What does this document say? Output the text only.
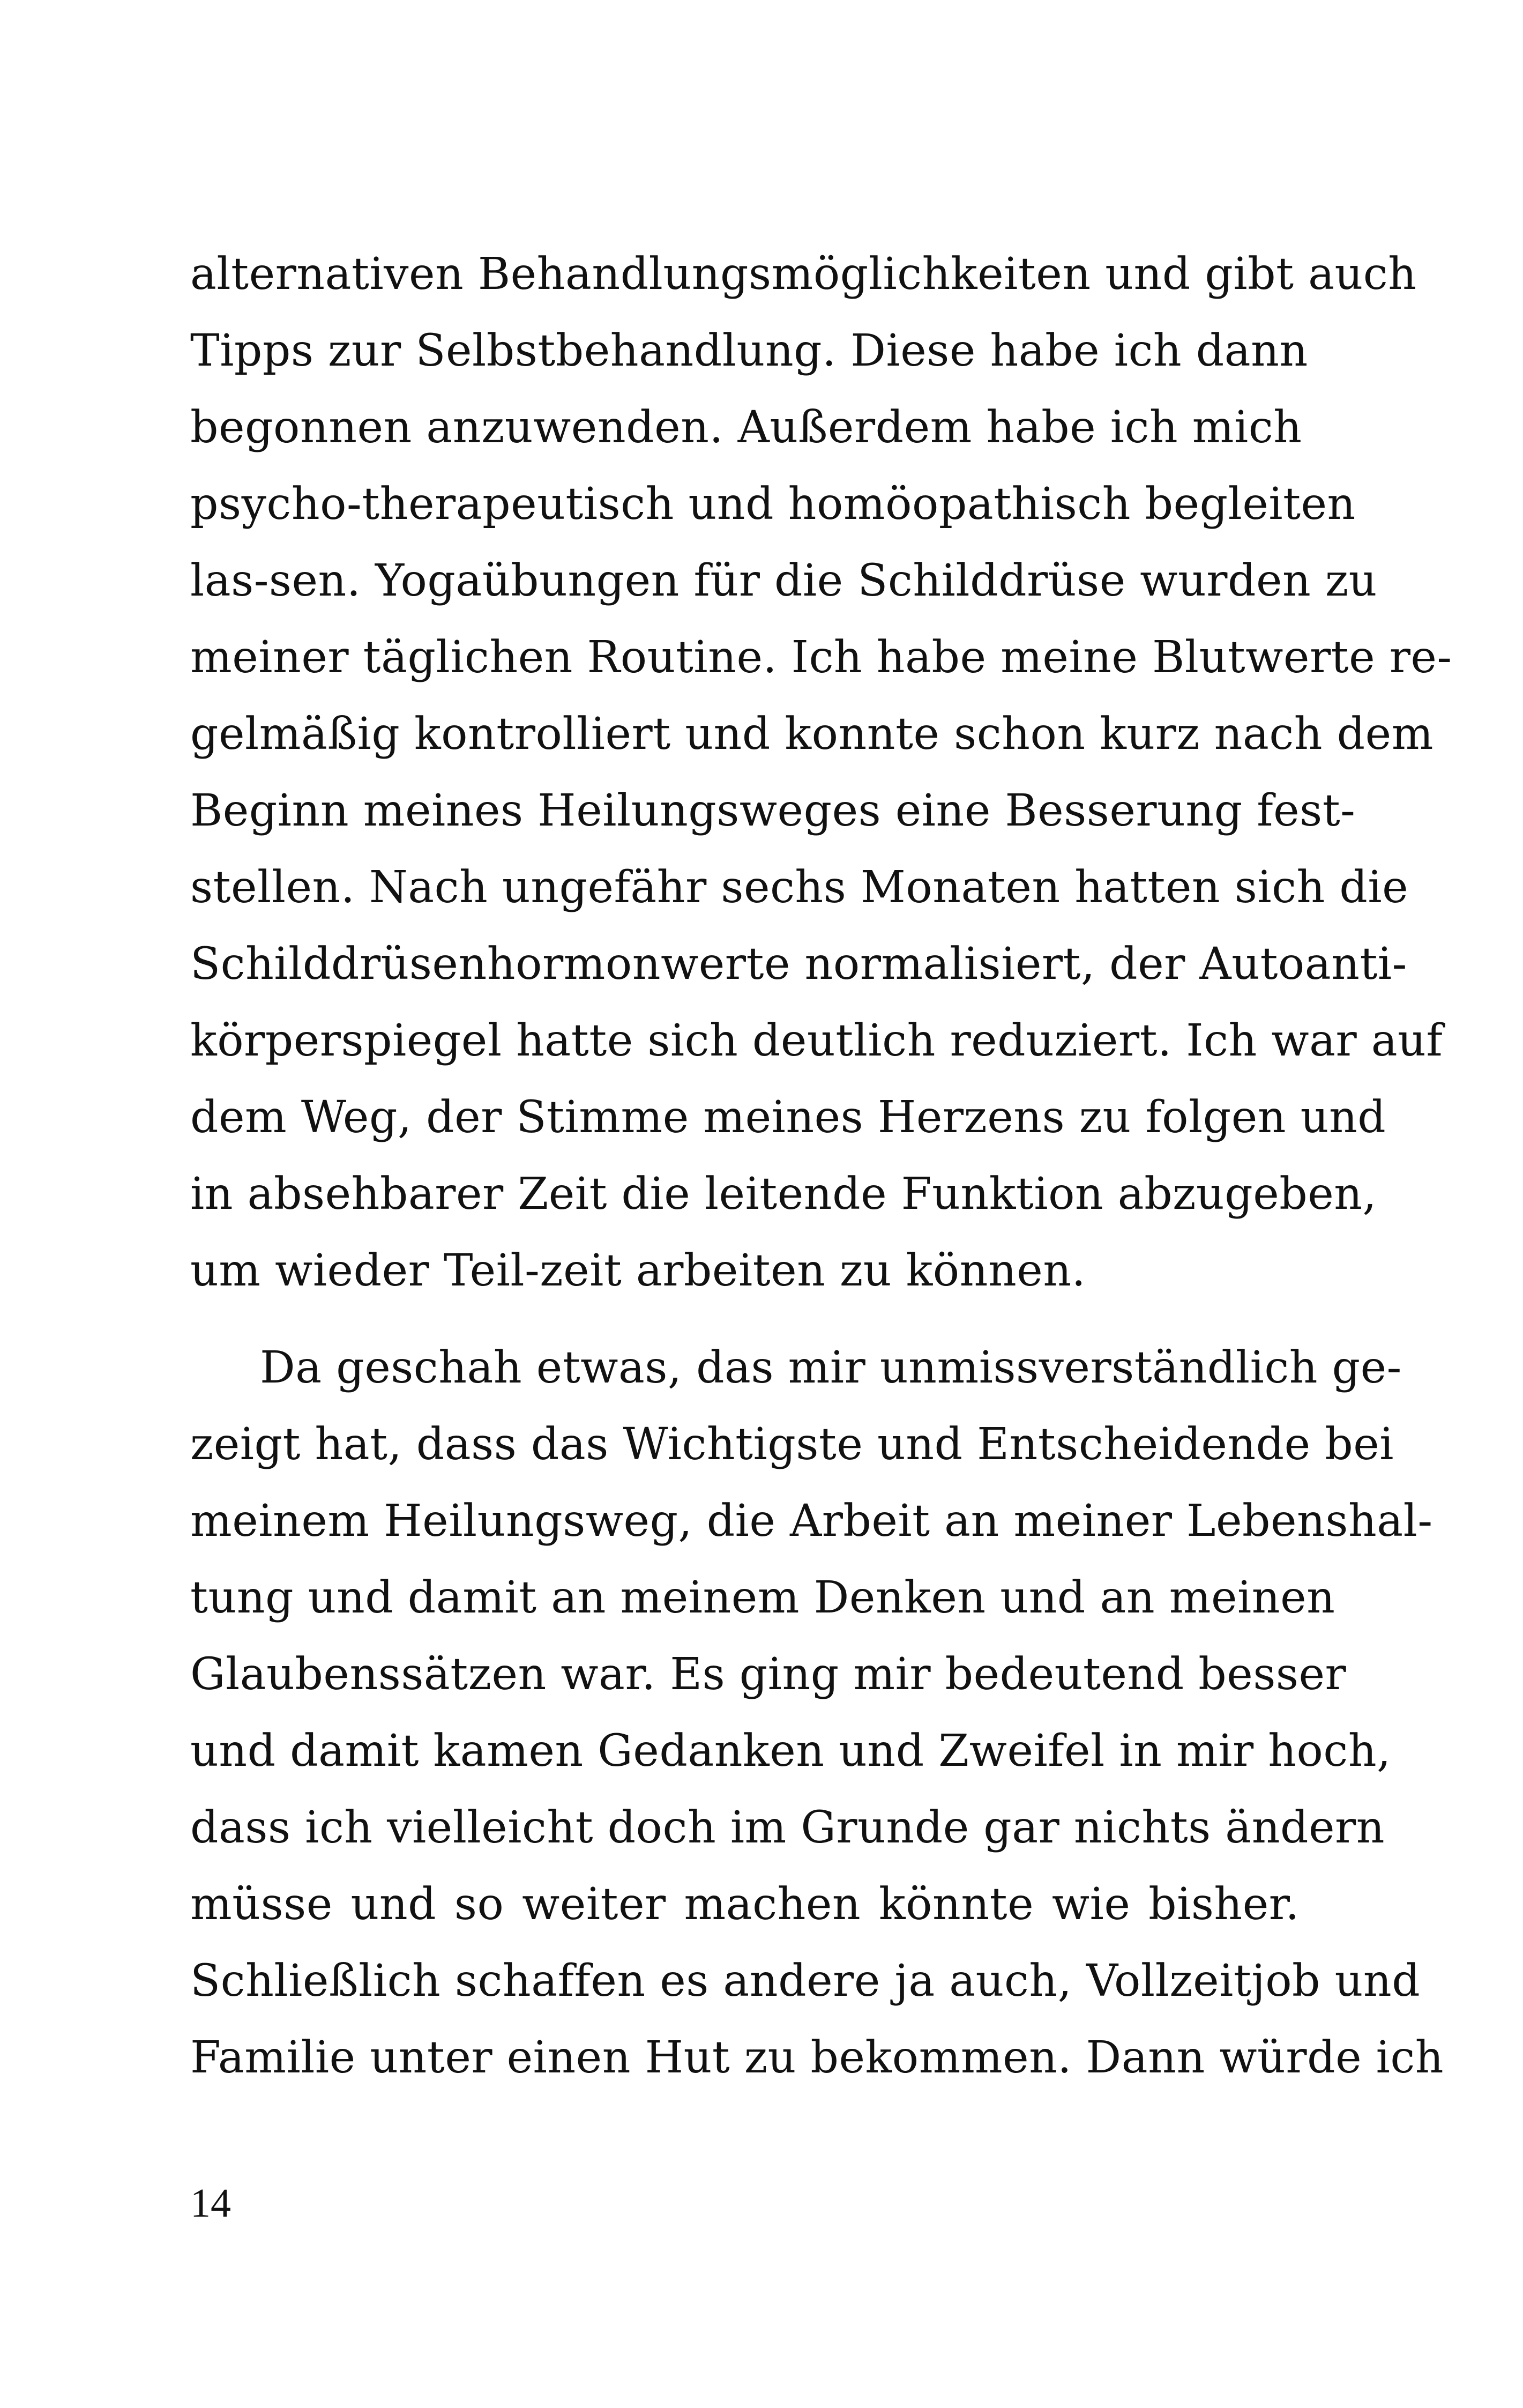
alternativen Behandlungsmöglichkeiten und gibt auch
Tipps zur Selbstbehandlung. Diese habe ich dann
begonnen anzuwenden. Außerdem habe ich mich
psycho-therapeutisch und homöopathisch begleiten
las-sen. Yogaübungen für die Schilddrüse wurden zu
meiner täglichen Routine. Ich habe meine Blutwerte re-
gelmäßig kontrolliert und konnte schon kurz nach dem
Beginn meines Heilungsweges eine Besserung fest-
stellen. Nach ungefähr sechs Monaten hatten sich die
Schilddrüsenhormonwerte normalisiert, der Autoanti-
körperspiegel hatte sich deutlich reduziert. Ich war auf
dem Weg, der Stimme meines Herzens zu folgen und
in absehbarer Zeit die leitende Funktion abzugeben,
um wieder Teil-zeit arbeiten zu können.
Da geschah etwas, das mir unmissverständlich ge-
zeigt hat, dass das Wichtigste und Entscheidende bei
meinem Heilungsweg, die Arbeit an meiner Lebenshal-
tung und damit an meinem Denken und an meinen
Glaubenssätzen war. Es ging mir bedeutend besser
und damit kamen Gedanken und Zweifel in mir hoch,
dass ich vielleicht doch im Grunde gar nichts ändern
müsse und so weiter machen könnte wie bisher.
Schließlich schaffen es andere ja auch, Vollzeitjob und
Familie unter einen Hut zu bekommen. Dann würde ich
14
